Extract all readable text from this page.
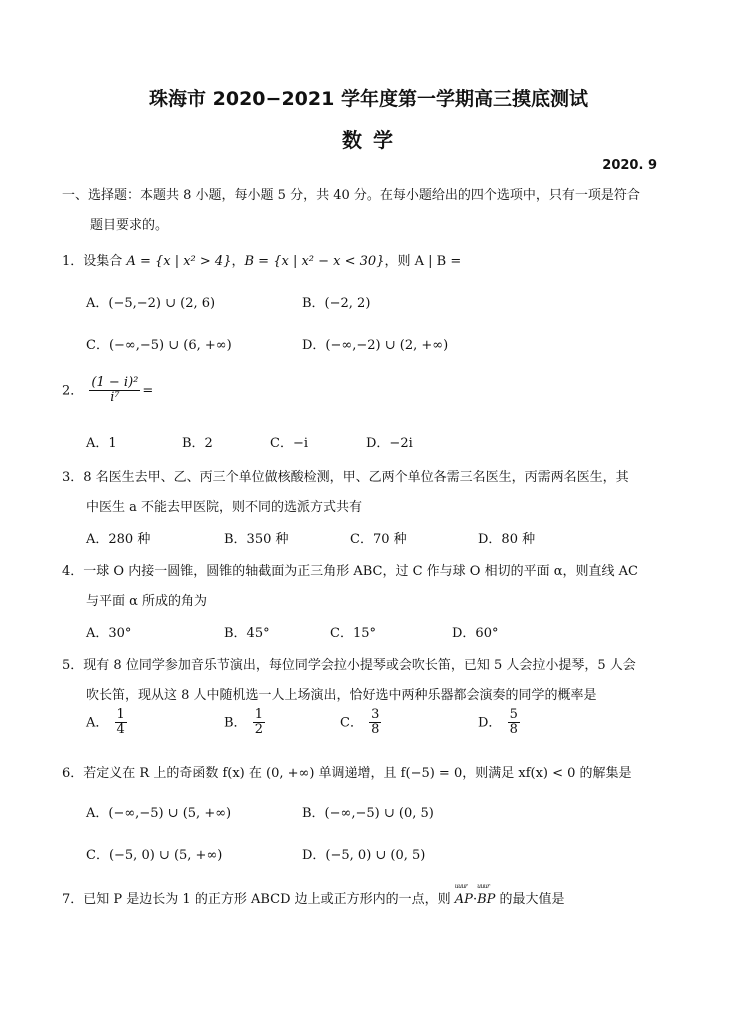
珠海市 2020−2021 学年度第一学期高三摸底测试
数 学
2020. 9
一、选择题：本题共 8 小题，每小题 5 分，共 40 分。在每小题给出的四个选项中，只有一项是符合
题目要求的。
1．设集合 A = {x | x² > 4}，B = {x | x² − x < 30}，则 A | B =
A．(−5,−2) ∪ (2, 6)	B．(−2, 2)
C．(−∞,−5) ∪ (6, +∞)	D．(−∞,−2) ∪ (2, +∞)
2． $\frac{\text{(1 − i)²}}{\text{i⁷}}$ =
A．1	B．2	C．−i	D．−2i
3．8 名医生去甲、乙、丙三个单位做核酸检测，甲、乙两个单位各需三名医生，丙需两名医生，其
中医生 a 不能去甲医院，则不同的选派方式共有
A．280 种	B．350 种	C．70 种	D．80 种
4．一球 O 内接一圆锥，圆锥的轴截面为正三角形 ABC，过 C 作与球 O 相切的平面 α，则直线 AC
与平面 α 所成的角为
A．30°	B．45°	C．15°	D．60°
5．现有 8 位同学参加音乐节演出，每位同学会拉小提琴或会吹长笛，已知 5 人会拉小提琴，5 人会
吹长笛，现从这 8 人中随机选一人上场演出，恰好选中两种乐器都会演奏的同学的概率是
A． $\frac{1}{4}$	B． $\frac{1}{2}$	C． $\frac{3}{8}$	D． $\frac{5}{8}$
6．若定义在 R 上的奇函数 f(x) 在 (0, +∞) 单调递增，且 f(−5) = 0，则满足 xf(x) < 0 的解集是
A．(−∞,−5) ∪ (5, +∞)	B．(−∞,−5) ∪ (0, 5)
C．(−5, 0) ∪ (5, +∞)	D．(−5, 0) ∪ (0, 5)
7．已知 P 是边长为 1 的正方形 ABCD 边上或正方形内的一点，则 uuur AP·uuur BP 的最大值是
